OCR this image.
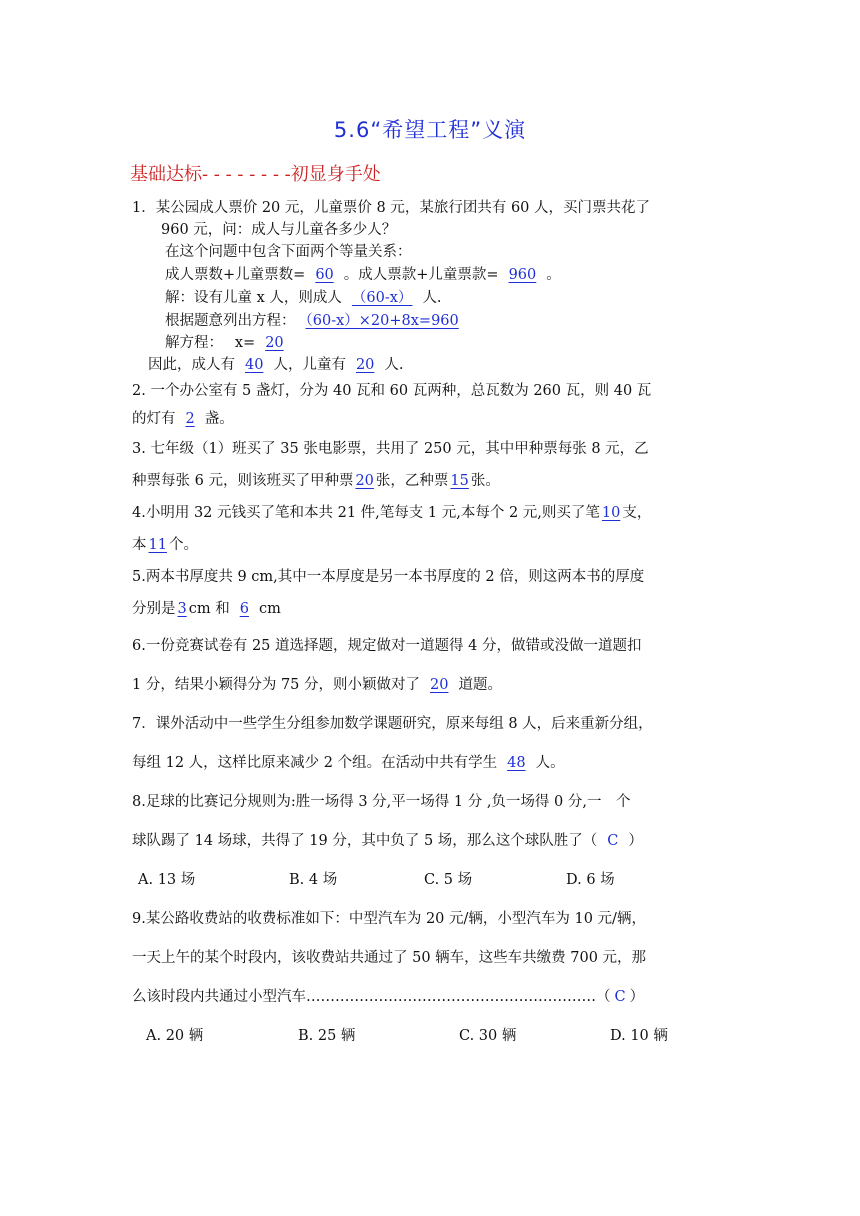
5.6“希望工程”义演
基础达标- - - - - - - -初显身手处
1．某公园成人票价 20 元，儿童票价 8 元，某旅行团共有 60 人，买门票共花了
960 元，问：成人与儿童各多少人？
在这个问题中包含下面两个等量关系：
成人票数+儿童票数= 60 。成人票款+儿童票款= 960 。
解：设有儿童 x 人，则成人 （60-x） 人.
根据题意列出方程： （60-x）×20+8x=960
解方程：　 x= 20
因此，成人有 40 人，儿童有 20 人.
2. 一个办公室有 5 盏灯，分为 40 瓦和 60 瓦两种，总瓦数为 260 瓦，则 40 瓦
的灯有 2 盏。
3. 七年级（1）班买了 35 张电影票，共用了 250 元，其中甲种票每张 8 元，乙
种票每张 6 元，则该班买了甲种票 20 张，乙种票 15 张。
4.小明用 32 元钱买了笔和本共 21 件,笔每支 1 元,本每个 2 元,则买了笔 10 支，
本 11 个。
5.两本书厚度共 9 cm,其中一本厚度是另一本书厚度的 2 倍，则这两本书的厚度
分别是 3 cm 和 6 cm
6.一份竞赛试卷有 25 道选择题，规定做对一道题得 4 分，做错或没做一道题扣
1 分，结果小颖得分为 75 分，则小颖做对了 20 道题。
7．课外活动中一些学生分组参加数学课题研究，原来每组 8 人，后来重新分组，
每组 12 人，这样比原来减少 2 个组。在活动中共有学生 48 人。
8.足球的比赛记分规则为:胜一场得 3 分,平一场得 1 分 ,负一场得 0 分,一　个
球队踢了 14 场球，共得了 19 分，其中负了 5 场，那么这个球队胜了（ C ）
A. 13 场	B. 4 场	C. 5 场	D. 6 场
9.某公路收费站的收费标准如下：中型汽车为 20 元/辆，小型汽车为 10 元/辆，
一天上午的某个时段内，该收费站共通过了 50 辆车，这些车共缴费 700 元，那
么该时段内共通过小型汽车……………………………………………………（ C ）
A. 20 辆	B. 25 辆	C. 30 辆	D. 10 辆
